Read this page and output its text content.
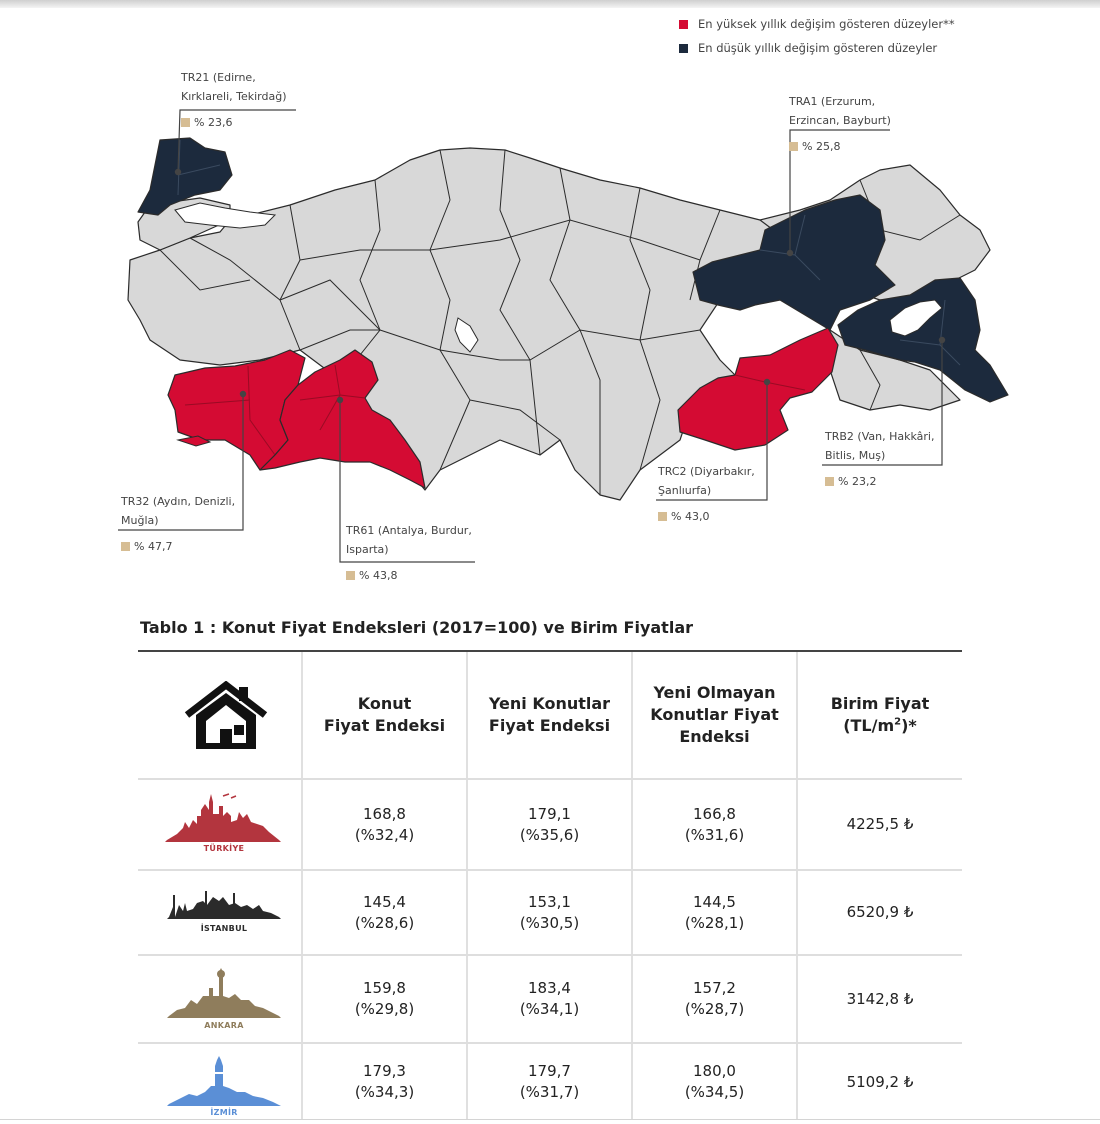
En yüksek yıllık değişim gösteren düzeyler**
En düşük yıllık değişim gösteren düzeyler
TR21 (Edirne,
Kırklareli, Tekirdağ)
% 23,6
TRA1 (Erzurum,
Erzincan, Bayburt)
% 25,8
TRB2 (Van, Hakkâri,
Bitlis, Muş)
% 23,2
TRC2 (Diyarbakır,
Şanlıurfa)
% 43,0
TR32 (Aydın, Denizli,
Muğla)
% 47,7
TR61 (Antalya, Burdur,
Isparta)
% 43,8
Tablo 1 : Konut Fiyat Endeksleri (2017=100) ve Birim Fiyatlar
Konut
Fiyat Endeksi
Yeni Konutlar
Fiyat Endeksi
Yeni Olmayan
Konutlar Fiyat
Endeksi
Birim Fiyat
$(TL/m^2)*$
TÜRKİYE
168,8
(%32,4)
179,1
(%35,6)
166,8
(%31,6)
4225,5 ₺
İSTANBUL
145,4
(%28,6)
153,1
(%30,5)
144,5
(%28,1)
6520,9 ₺
ANKARA
159,8
(%29,8)
183,4
(%34,1)
157,2
(%28,7)
3142,8 ₺
İZMİR
179,3
(%34,3)
179,7
(%31,7)
180,0
(%34,5)
5109,2 ₺
